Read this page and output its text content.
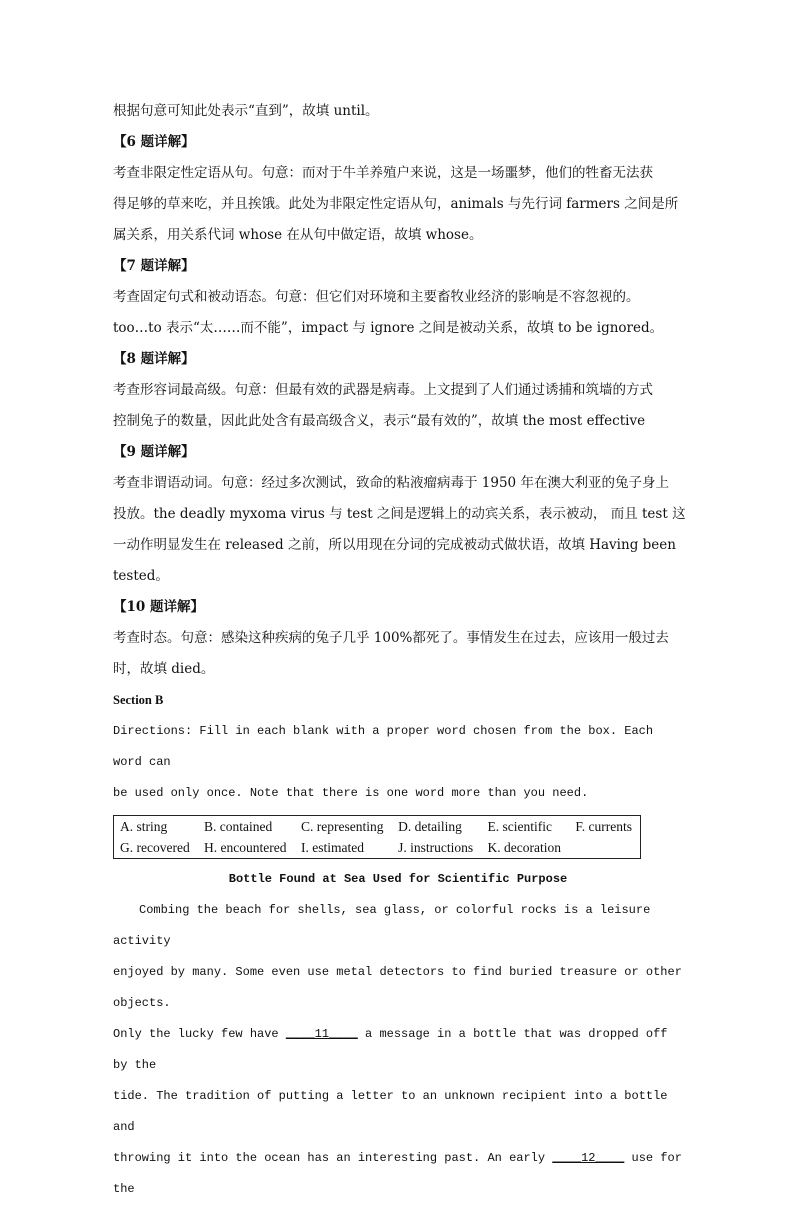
根据句意可知此处表示“直到”，故填 until。
【6 题详解】
考查非限定性定语从句。句意：而对于牛羊养殖户来说，这是一场噩梦，他们的牲畜无法获
得足够的草来吃，并且挨饿。此处为非限定性定语从句，animals 与先行词 farmers 之间是所
属关系，用关系代词 whose 在从句中做定语，故填 whose。
【7 题详解】
考查固定句式和被动语态。句意：但它们对环境和主要畜牧业经济的影响是不容忽视的。
too…to 表示“太……而不能”，impact 与 ignore 之间是被动关系，故填 to be ignored。
【8 题详解】
考查形容词最高级。句意：但最有效的武器是病毒。上文提到了人们通过诱捕和筑墙的方式
控制兔子的数量，因此此处含有最高级含义，表示“最有效的”，故填 the most effective
【9 题详解】
考查非谓语动词。句意：经过多次测试，致命的粘液瘤病毒于 1950 年在澳大利亚的兔子身上
投放。the deadly myxoma virus 与 test 之间是逻辑上的动宾关系，表示被动， 而且 test 这
一动作明显发生在 released 之前，所以用现在分词的完成被动式做状语，故填 Having been
tested。
【10 题详解】
考查时态。句意：感染这种疾病的兔子几乎 100%都死了。事情发生在过去，应该用一般过去
时，故填 died。
Section B
Directions: Fill in each blank with a proper word chosen from the box. Each word can
be used only once. Note that there is one word more than you need.
A. string	B. contained	C. representing	D. detailing	E. scientific	F. currents
G. recovered	H. encountered	I. estimated	J. instructions	K. decoration	
Bottle Found at Sea Used for Scientific Purpose
Combing the beach for shells, sea glass, or colorful rocks is a leisure activity
enjoyed by many. Some even use metal detectors to find buried treasure or other objects.
Only the lucky few have ____11____ a message in a bottle that was dropped off by the
tide. The tradition of putting a letter to an unknown recipient into a bottle and
throwing it into the ocean has an interesting past. An early ____12____ use for the
